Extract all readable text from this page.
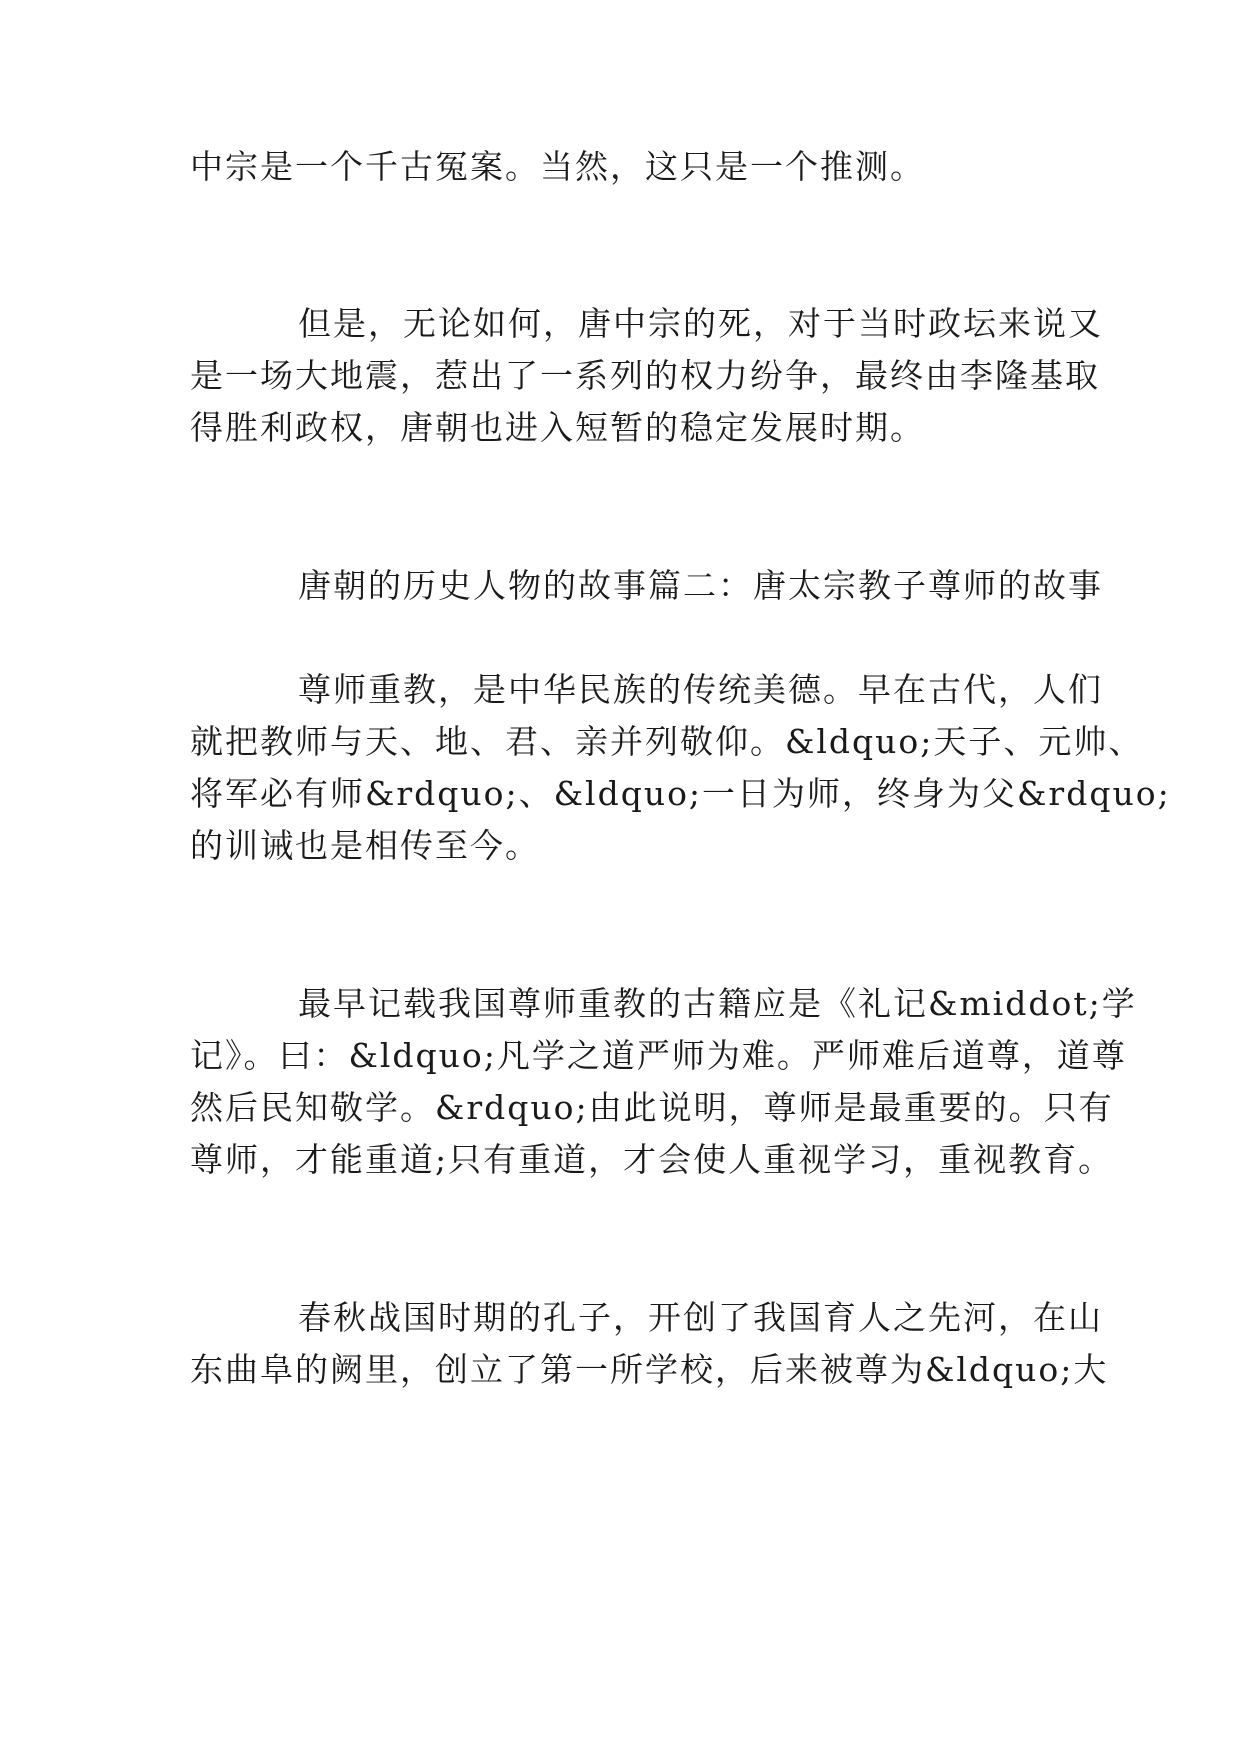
中宗是一个千古冤案。当然，这只是一个推测。
但是，无论如何，唐中宗的死，对于当时政坛来说又
是一场大地震，惹出了一系列的权力纷争，最终由李隆基取
得胜利政权，唐朝也进入短暂的稳定发展时期。
唐朝的历史人物的故事篇二：唐太宗教子尊师的故事
尊师重教，是中华民族的传统美德。早在古代，人们
就把教师与天、地、君、亲并列敬仰。&ldquo;天子、元帅、
将军必有师&rdquo;、&ldquo;一日为师，终身为父&rdquo;
的训诫也是相传至今。
最早记载我国尊师重教的古籍应是《礼记&middot;学
记》。曰：&ldquo;凡学之道严师为难。严师难后道尊，道尊
然后民知敬学。&rdquo;由此说明，尊师是最重要的。只有
尊师，才能重道;只有重道，才会使人重视学习，重视教育。
春秋战国时期的孔子，开创了我国育人之先河，在山
东曲阜的阙里，创立了第一所学校，后来被尊为&ldquo;大
